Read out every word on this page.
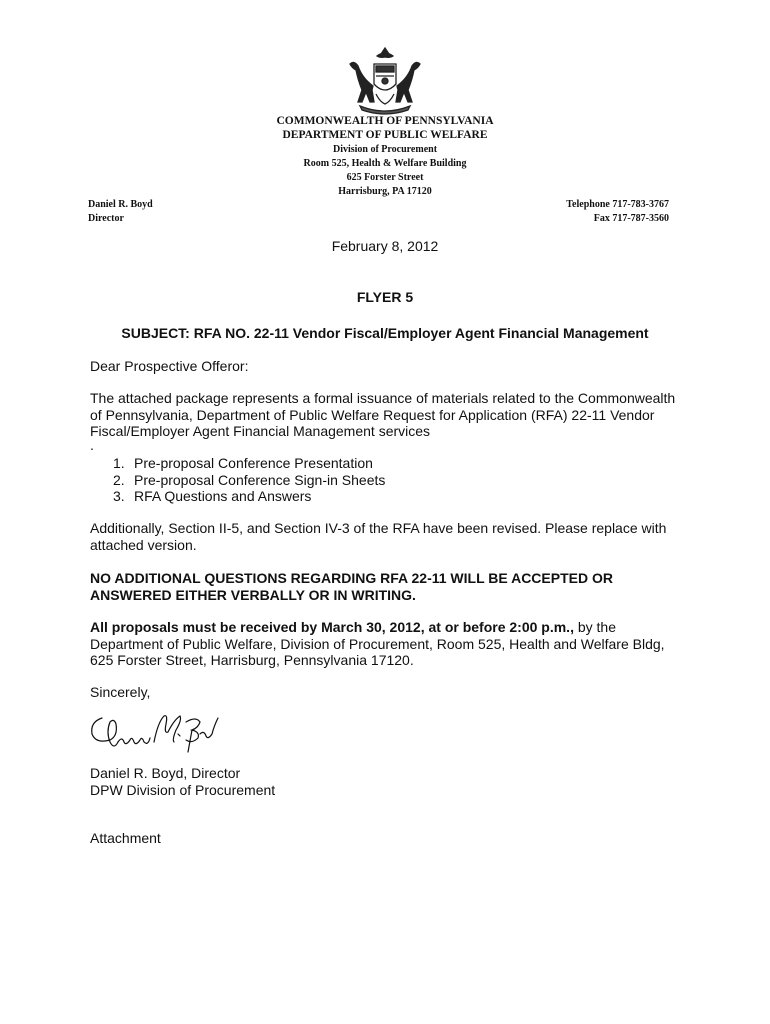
COMMONWEALTH OF PENNSYLVANIA
DEPARTMENT OF PUBLIC WELFARE
Division of Procurement
Room 525, Health & Welfare Building
625 Forster Street
Harrisburg, PA 17120
Daniel R. Boyd
Director
Telephone 717-783-3767
Fax 717-787-3560
February 8, 2012
FLYER 5
SUBJECT: RFA NO. 22-11 Vendor Fiscal/Employer Agent Financial Management
Dear Prospective Offeror:
The attached package represents a formal issuance of materials related to the Commonwealth
of Pennsylvania, Department of Public Welfare Request for Application (RFA) 22-11 Vendor
Fiscal/Employer Agent Financial Management services
.
1. Pre-proposal Conference Presentation
2. Pre-proposal Conference Sign-in Sheets
3. RFA Questions and Answers
Additionally, Section II-5, and Section IV-3 of the RFA have been revised. Please replace with
attached version.
NO ADDITIONAL QUESTIONS REGARDING RFA 22-11 WILL BE ACCEPTED OR
ANSWERED EITHER VERBALLY OR IN WRITING.
All proposals must be received by March 30, 2012, at or before 2:00 p.m., by the
Department of Public Welfare, Division of Procurement, Room 525, Health and Welfare Bldg,
625 Forster Street, Harrisburg, Pennsylvania 17120.
Sincerely,
Daniel R. Boyd, Director
DPW Division of Procurement
Attachment
